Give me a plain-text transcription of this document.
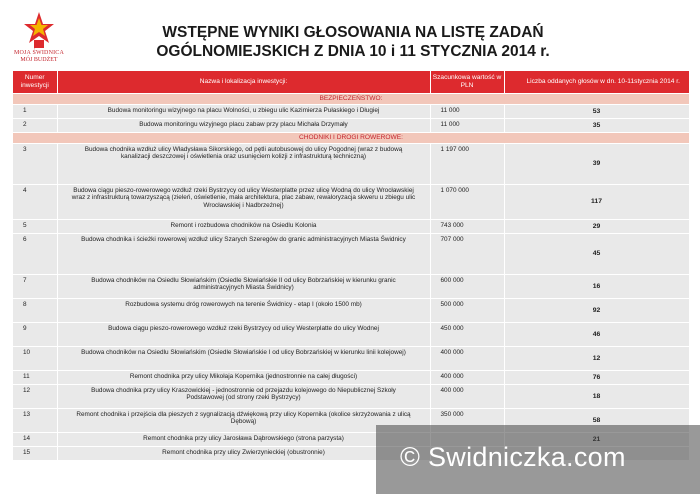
MOJA ŚWIDNICA
MÓJ BUDŻET
WSTĘPNE WYNIKI GŁOSOWANIA NA LISTĘ ZADAŃ
OGÓLNOMIEJSKICH Z DNIA 10 i 11 STYCZNIA 2014 r.
Numer inwestycji	Nazwa i lokalizacja inwestycji:	Szacunkowa wartość w PLN	Liczba oddanych głosów w dn. 10-11stycznia 2014 r.
BEZPIECZEŃSTWO:			
1	Budowa monitoringu wizyjnego na placu Wolności, u zbiegu ulic Kazimierza Pułaskiego i Długiej	11 000	53
2	Budowa monitoringu wizyjnego placu zabaw przy placu Michała Drzymały	11 000	35
CHODNIKI I DROGI ROWEROWE:			
3	Budowa chodnika wzdłuż ulicy Władysława Sikorskiego, od pętli autobusowej do ulicy Pogodnej (wraz z budową kanalizacji deszczowej i oświetlenia oraz usunięciem kolizji z infrastrukturą techniczną)	1 197 000	39
4	Budowa ciągu pieszo-rowerowego wzdłuż rzeki Bystrzycy od ulicy Westerplatte przez ulicę Wodną do ulicy Wrocławskiej wraz z infrastrukturą towarzyszącą (zieleń, oświetlenie, mała architektura, plac zabaw, rewaloryzacja skweru u zbiegu ulic Wrocławskiej i Nadbrzeżnej)	1 070 000	117
5	Remont i rozbudowa chodników na Osiedlu Kolonia	743 000	29
6	Budowa chodnika i ścieżki rowerowej wzdłuż ulicy Szarych Szeregów do granic administracyjnych Miasta Świdnicy	707 000	45
7	Budowa chodników na Osiedlu Słowiańskim (Osiedle Słowiańskie II od ulicy Bobrzańskiej w kierunku granic administracyjnych Miasta Świdnicy)	600 000	16
8	Rozbudowa systemu dróg rowerowych na terenie Świdnicy - etap I (około 1500 mb)	500 000	92
9	Budowa ciągu pieszo-rowerowego wzdłuż rzeki Bystrzycy od ulicy Westerplatte do ulicy Wodnej	450 000	46
10	Budowa chodników na Osiedlu Słowiańskim (Osiedle Słowiańskie I od ulicy Bobrzańskiej w kierunku linii kolejowej)	400 000	12
11	Remont chodnika przy ulicy Mikołaja Kopernika (jednostronnie na całej długości)	400 000	76
12	Budowa chodnika przy ulicy Kraszowickiej - jednostronnie od przejazdu kolejowego do Niepublicznej Szkoły Podstawowej (od strony rzeki Bystrzycy)	400 000	18
13	Remont chodnika i przejścia dla pieszych z sygnalizacją dźwiękową przy ulicy Kopernika (okolice skrzyżowania z ulicą Dębową)	350 000	58
14	Remont chodnika przy ulicy Jarosława Dąbrowskiego (strona parzysta)		
15	Remont chodnika przy ulicy Zwierzynieckiej (obustronnie)			© Swidniczka.com
